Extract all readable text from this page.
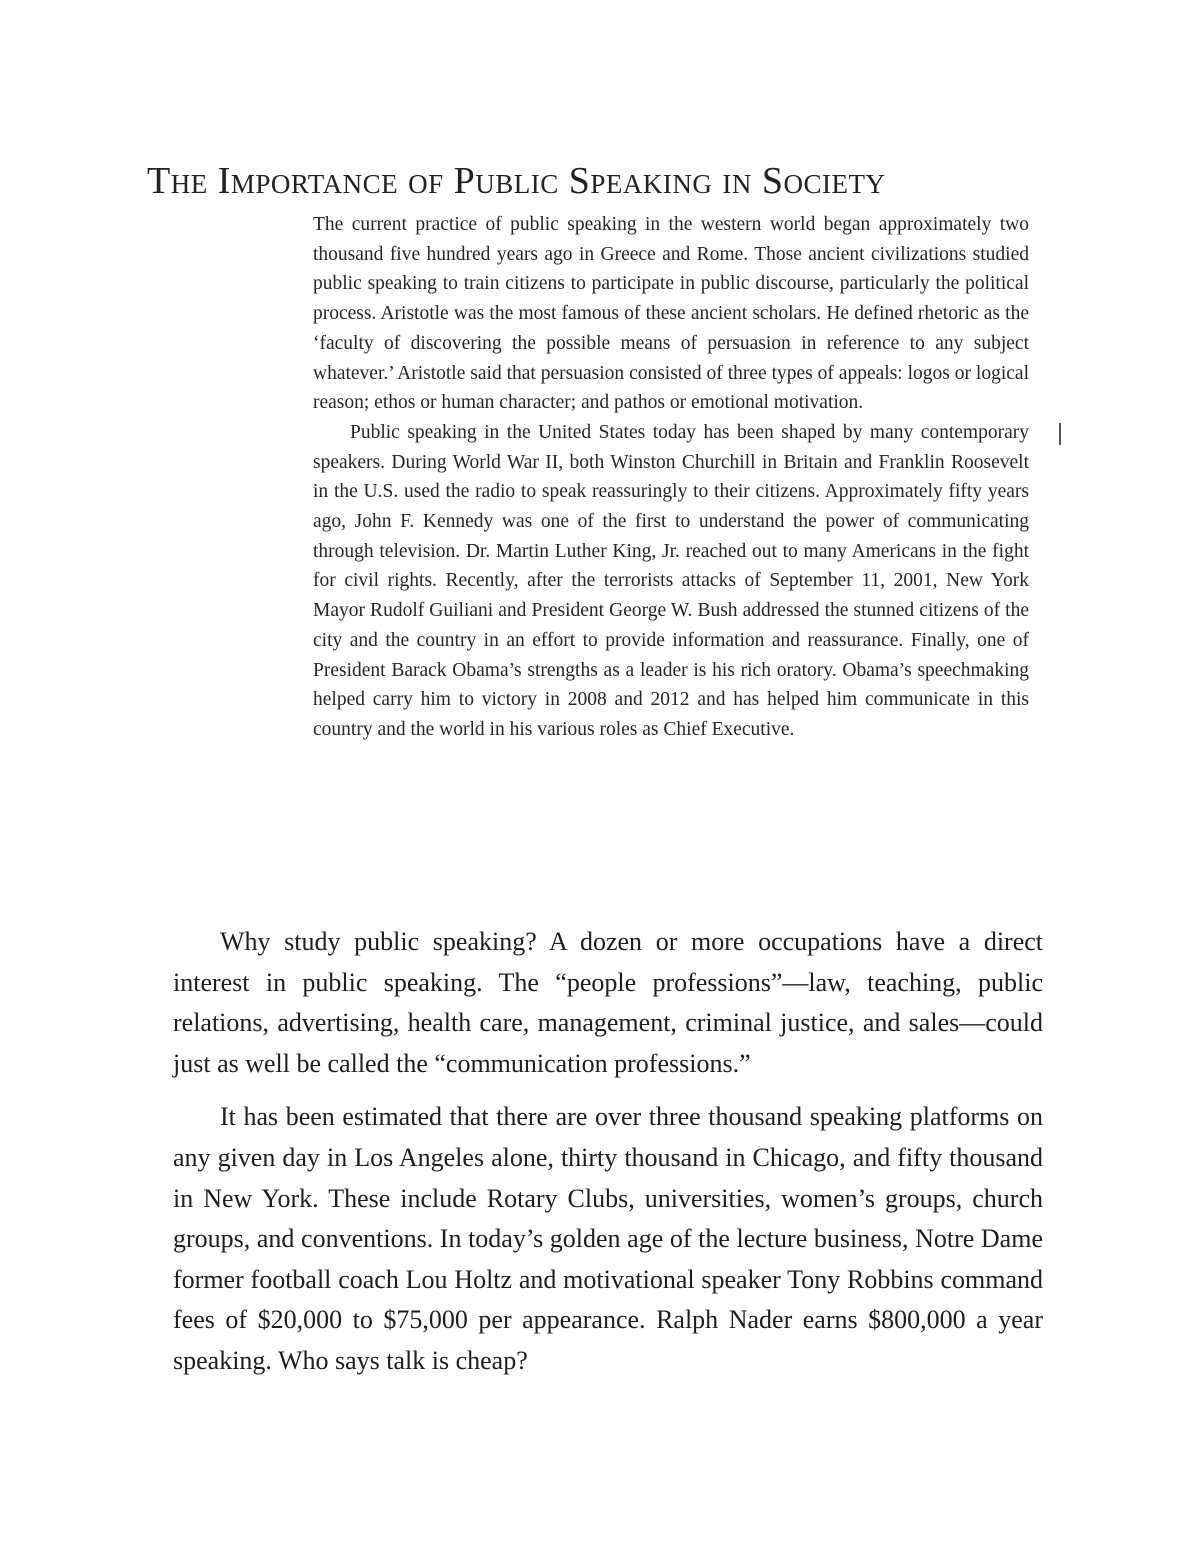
The Importance of Public Speaking in Society

The current practice of public speaking in the western world began approximately two thousand five hundred years ago in Greece and Rome. Those ancient civilizations studied public speaking to train citizens to participate in public discourse, particularly the political process. Aristotle was the most famous of these ancient scholars. He defined rhetoric as the ‘faculty of discovering the possible means of persuasion in reference to any subject whatever.’ Aristotle said that persuasion consisted of three types of appeals: logos or logical reason; ethos or human character; and pathos or emotional motivation.

Public speaking in the United States today has been shaped by many contemporary speakers. During World War II, both Winston Churchill in Britain and Franklin Roosevelt in the U.S. used the radio to speak reassuringly to their citizens. Approximately fifty years ago, John F. Kennedy was one of the first to understand the power of communicating through television. Dr. Martin Luther King, Jr. reached out to many Americans in the fight for civil rights. Recently, after the terrorists attacks of September 11, 2001, New York Mayor Rudolf Guiliani and President George W. Bush addressed the stunned citizens of the city and the country in an effort to provide information and reassurance. Finally, one of President Barack Obama’s strengths as a leader is his rich oratory. Obama’s speechmaking helped carry him to victory in 2008 and 2012 and has helped him communicate in this country and the world in his various roles as Chief Executive.

Why study public speaking? A dozen or more occupations have a direct interest in public speaking. The “people professions”—law, teaching, public relations, advertising, health care, management, criminal justice, and sales—could just as well be called the “communication professions.”

It has been estimated that there are over three thousand speaking platforms on any given day in Los Angeles alone, thirty thousand in Chicago, and fifty thousand in New York. These include Rotary Clubs, universities, women’s groups, church groups, and conventions. In today’s golden age of the lecture business, Notre Dame former football coach Lou Holtz and motivational speaker Tony Robbins command fees of $20,000 to $75,000 per appearance. Ralph Nader earns $800,000 a year speaking. Who says talk is cheap?
